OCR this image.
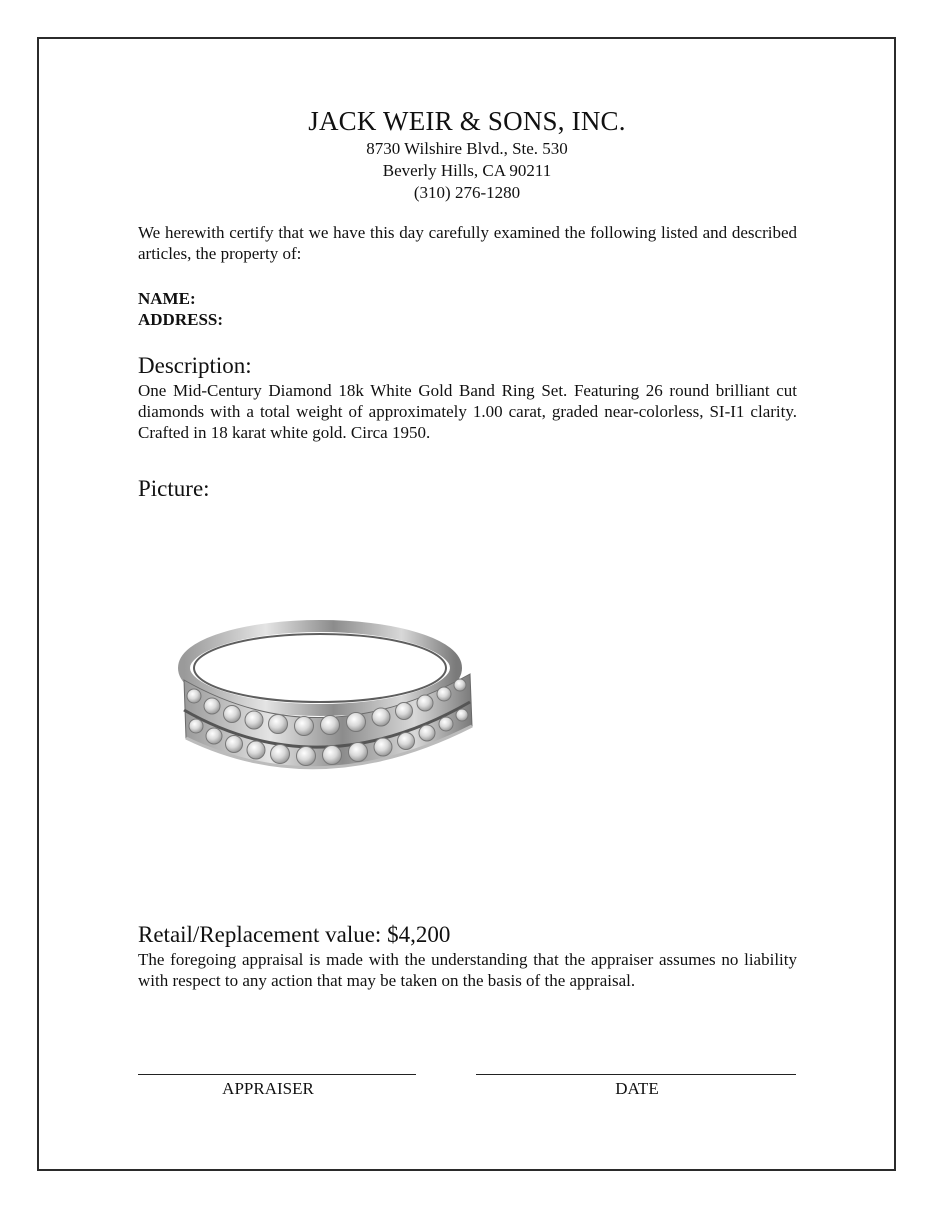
JACK WEIR & SONS, INC.
8730 Wilshire Blvd., Ste. 530
Beverly Hills, CA 90211
(310) 276-1280
We herewith certify that we have this day carefully examined the following listed and described articles, the property of:
NAME:
ADDRESS:
Description:
One Mid-Century Diamond 18k White Gold Band Ring Set. Featuring 26 round brilliant cut diamonds with a total weight of approximately 1.00 carat, graded near-colorless, SI-I1 clarity. Crafted in 18 karat white gold. Circa 1950.
Picture:
Retail/Replacement value: $4,200
The foregoing appraisal is made with the understanding that the appraiser assumes no liability with respect to any action that may be taken on the basis of the appraisal.
APPRAISER	DATE
